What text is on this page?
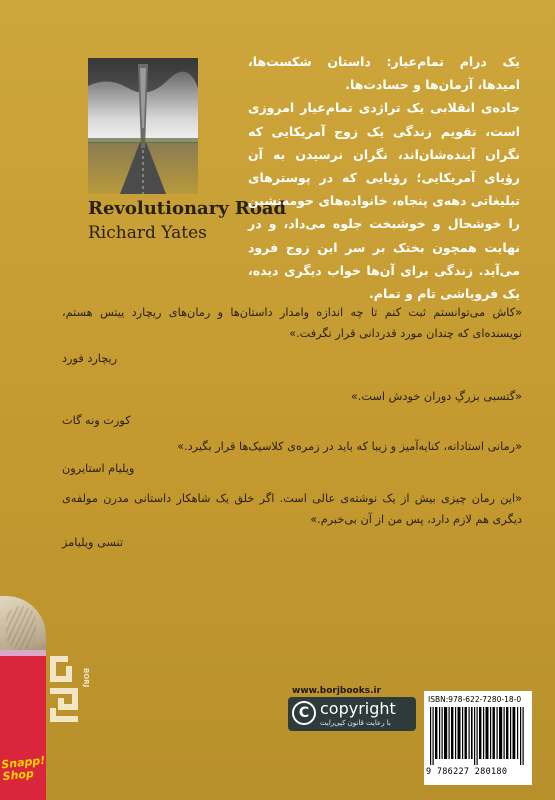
Snapp! Shop
BORJ
Revolutionary Road
Richard Yates

یک درام تمام‌عیار: داستان شکست‌ها، امیدها، آرمان‌ها و حسادت‌ها.

جاده‌ی انقلابی یک تراژدی تمام‌عیار امروزی است، تقویم زندگی یک زوج آمریکایی که نگران آینده‌شان‌اند، نگران نرسیدن به آن رؤیای آمریکایی؛ رؤیایی که در پوسترهای تبلیغاتی دهه‌ی پنجاه، خانواده‌های حومه‌نشین را خوشحال و خوشبخت جلوه می‌داد، و در نهایت همچون بختک بر سر این زوج فرود می‌آید. زندگی برای آن‌ها خواب دیگری دیده، یک فروپاشی تام و تمام.

«کاش می‌توانستم ثبت کنم تا چه اندازه وامدار داستان‌ها و رمان‌های ریچارد ییتس هستم، نویسنده‌ای که چندان مورد قدردانی قرار نگرفت.»
ریچارد فورد
«گتسبی بزرگِ دوران خودش است.»
کورت ونه گات
«رمانی استادانه، کنایه‌آمیز و زیبا که باید در زمره‌ی کلاسیک‌ها قرار بگیرد.»
ویلیام استایرون
«این رمان چیزی بیش از یک نوشته‌ی عالی است. اگر خلق یک شاهکار داستانی مدرن مولفه‌ی دیگری هم لازم دارد، پس من از آن بی‌خبرم.»
تنسی ویلیامز
www.borjbooks.ir
C copyright
با رعایت قانون کپی‌رایت
ISBN:978-622-7280-18-0
9 786227 280180
